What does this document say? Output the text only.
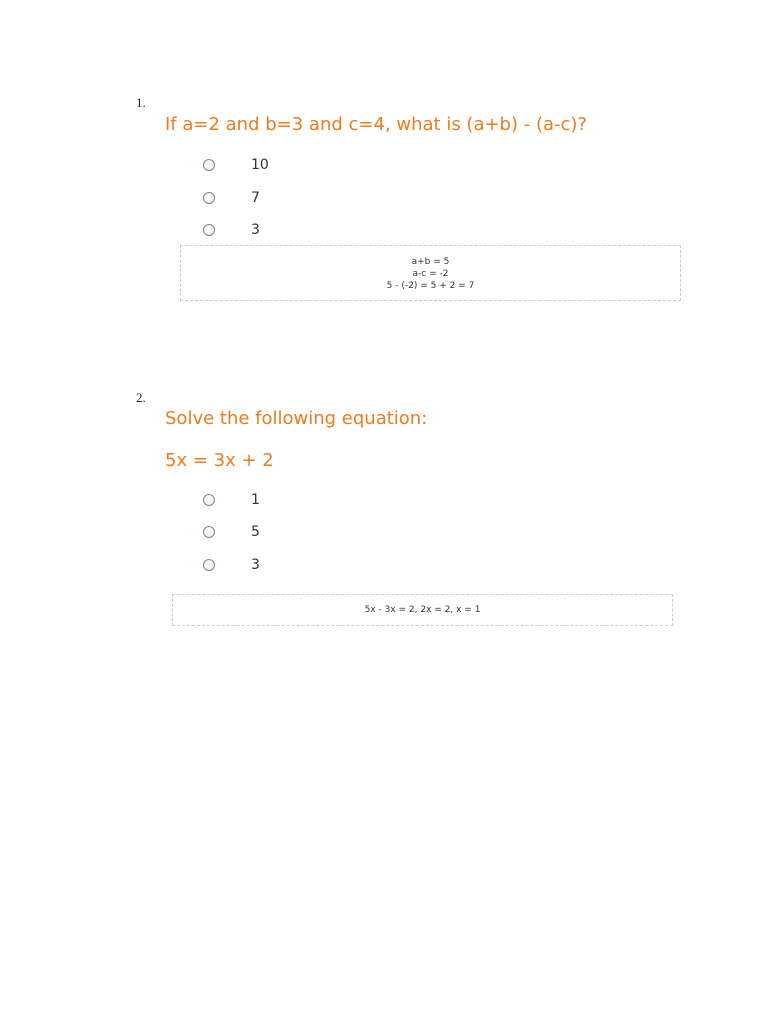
1.
If a=2 and b=3 and c=4, what is (a+b) - (a-c)?
10
7
3
a+b = 5
a-c = -2
5 - (-2) = 5 + 2 = 7
2.
Solve the following equation:
5x = 3x + 2
1
5
3
5x - 3x = 2, 2x = 2, x = 1
